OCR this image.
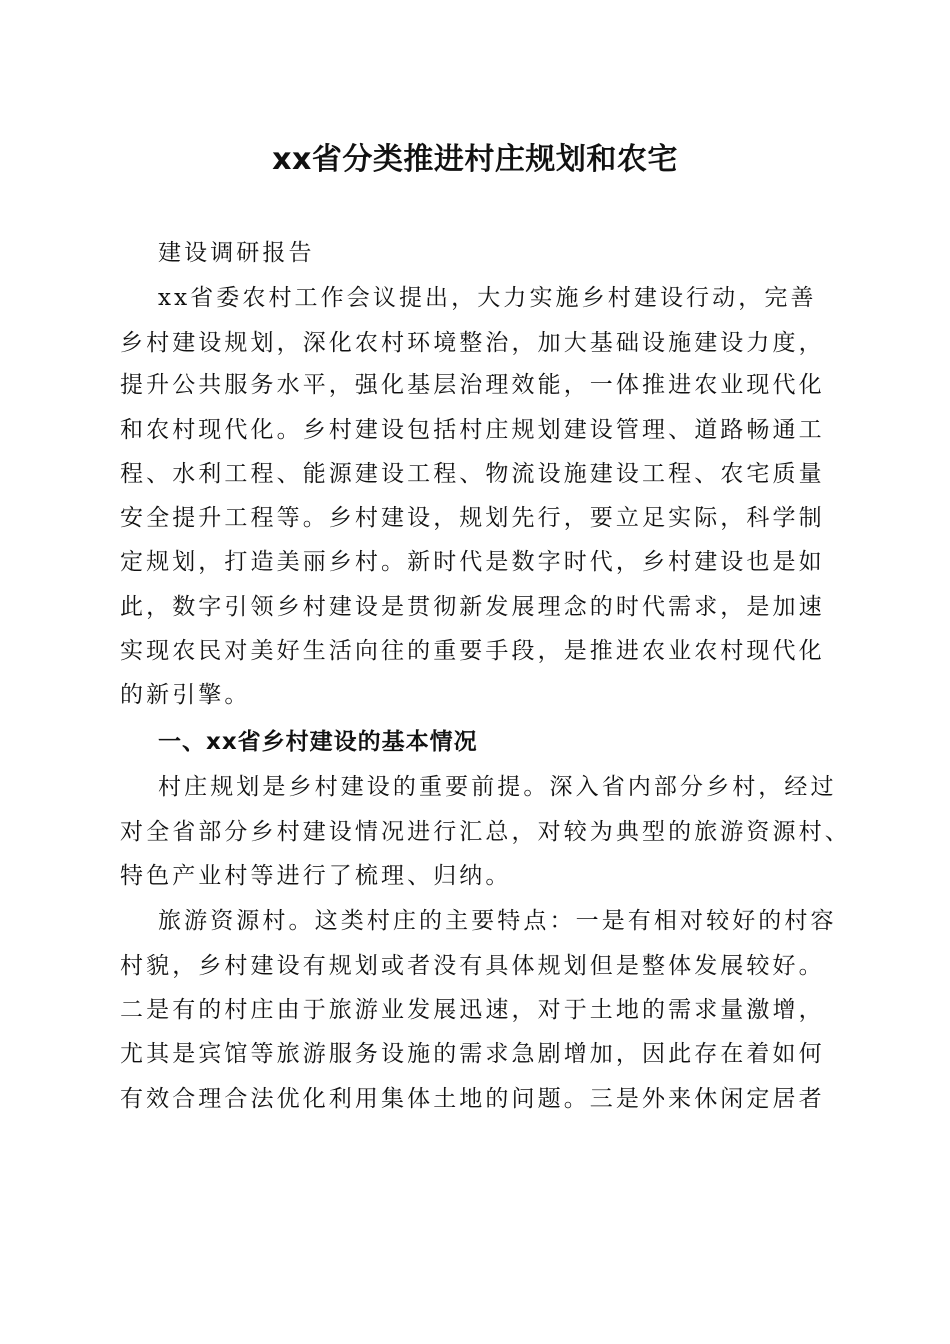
xx省分类推进村庄规划和农宅
建设调研报告
xx省委农村工作会议提出，大力实施乡村建设行动，完善
乡村建设规划，深化农村环境整治，加大基础设施建设力度，
提升公共服务水平，强化基层治理效能，一体推进农业现代化
和农村现代化。乡村建设包括村庄规划建设管理、道路畅通工
程、水利工程、能源建设工程、物流设施建设工程、农宅质量
安全提升工程等。乡村建设，规划先行，要立足实际，科学制
定规划，打造美丽乡村。新时代是数字时代，乡村建设也是如
此，数字引领乡村建设是贯彻新发展理念的时代需求，是加速
实现农民对美好生活向往的重要手段，是推进农业农村现代化
的新引擎。
一、xx省乡村建设的基本情况
村庄规划是乡村建设的重要前提。深入省内部分乡村，经过
对全省部分乡村建设情况进行汇总，对较为典型的旅游资源村、
特色产业村等进行了梳理、归纳。
旅游资源村。这类村庄的主要特点：一是有相对较好的村容
村貌，乡村建设有规划或者没有具体规划但是整体发展较好。
二是有的村庄由于旅游业发展迅速，对于土地的需求量激增，
尤其是宾馆等旅游服务设施的需求急剧增加，因此存在着如何
有效合理合法优化利用集体土地的问题。三是外来休闲定居者
